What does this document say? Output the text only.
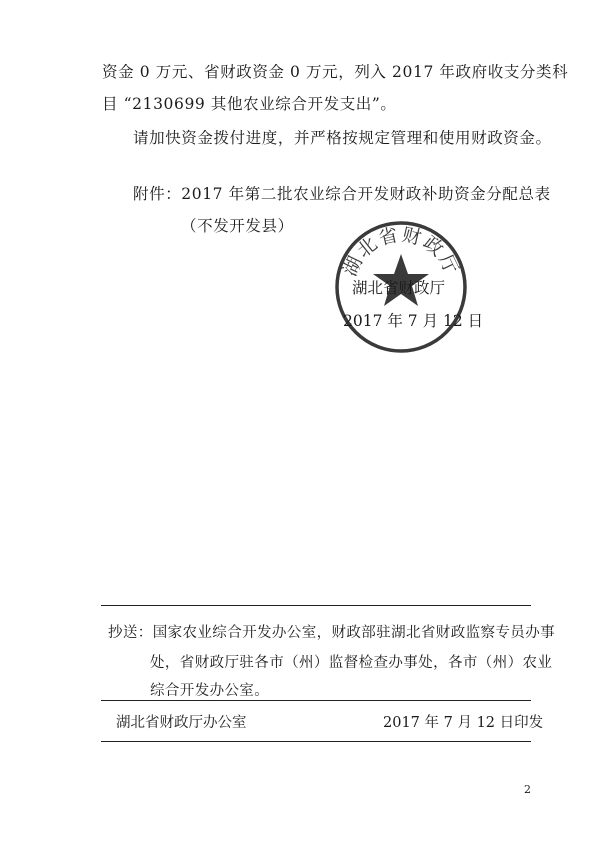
资金 0 万元、省财政资金 0 万元，列入 2017 年政府收支分类科
目 “2130699 其他农业综合开发支出”。
请加快资金拨付进度，并严格按规定管理和使用财政资金。
附件：2017 年第二批农业综合开发财政补助资金分配总表
（不发开发县）
湖北省财政厅
湖北省财政厅
2017 年 7 月 12 日
抄送：国家农业综合开发办公室，财政部驻湖北省财政监察专员办事
处，省财政厅驻各市（州）监督检查办事处，各市（州）农业
综合开发办公室。
湖北省财政厅办公室	2017 年 7 月 12 日印发
2
